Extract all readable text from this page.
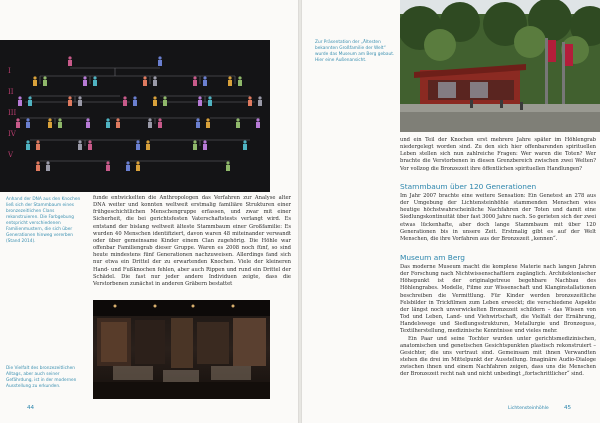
I
II
III
IV
V
Anhand der DNA aus den Knochen ließ sich der Stammbaum eines bronzezeitlichen Clans rekonstruieren. Die Farbgebung entspricht verschiedenen Familienmustern, die sich über Generationen hinweg vererben (Stand 2014).

funde entwickelten die Anthropologen das Verfahren zur Analyse alter DNA weiter und konnten weltweit erstmalig familiäre Strukturen einer frühgeschichtlichen Menschengruppe erfassen, und zwar mit einer Sicherheit, die bei gerichtsfesten Vaterschaftstests verlangt wird. Es entstand der bislang weltweit älteste Stammbaum einer Großfamilie: Es wurden 40 Menschen identifiziert, davon waren 48 miteinander verwandt oder über gemeinsame Kinder einem Clan zugehörig. Die Höhle war offenbar Familiengrab dieser Gruppe. Waren es 2008 noch fünf, so sind heute mindestens fünf Generationen nachzuweisen. Allerdings fand sich nur etwa ein Drittel der zu erwartenden Knochen. Viele der kleineren Hand- und Fußknochen fehlen, aber auch Rippen und rund ein Drittel der Schädel. Die fast nur jeder andere Individuen zeigte, dass die Verstorbenen zunächst in anderen Gräbern bestattet

Die Vielfalt des bronzezeitlichen Alltags, aber auch seiner Gefährdung, ist in der modernen Ausstellung zu erkunden.
44
Zur Präsentation der „Ältesten bekannten Großfamilie der Welt“ wurde das Museum am Berg gebaut. Hier eine Außenansicht.

und ein Teil der Knochen erst mehrere Jahre später im Höhlengrab niedergelegt worden sind. Zu den sich hier offenbarenden spirituellen Leben stellen sich nun zahlreiche Fragen: Wer waren die Toten? Wer brachte die Verstorbenen in diesen Grenzbereich zwischen zwei Welten? Vor vollzog die Bronzezeit ihre öffentlichen spirituellen Handlungen?

Stammbaum über 120 Generationen

Im Jahr 2007 brachte eine weitere Sensation: Ein Genetest an 278 aus der Umgebung der Lichtensteinhöhle stammenden Menschen wies heutige höchstwahrscheinliche Nachfahren der Toten und damit eine Siedlungskontinuität über fast 3000 Jahre nach. So gerieten sich der zwei etwas lückenhafte, aber doch lange Stammbaum mit über 120 Generationen bis in unsere Zeit. Erstmalig gibt es auf der Welt Menschen, die ihre Vorfahren aus der Bronzezeit „kennen“.

Museum am Berg

Das moderne Museum macht die komplexe Materie nach langen Jahren der Forschung nach Nichtwissenschaftlern zugänglich. Architektonischer Höhepunkt ist der originalgetreue begehbare Nachbau des Höhlengrabes. Modelle, Filme zur Wissenschaft und Klanginstallationen beschreiben die Vermittlung. Für Kinder werden bronzezeitliche Felsbilder in Trickfilmen zum Leben erweckt; die verschiedene Aspekte der längst noch unverwickelten Bronzezeit schildern – das Wissen von Tod und Leben, Land- und Viehwirtschaft, die Vielfalt der Ernährung, Handelswege und Siedlungsstrukturen, Metallurgie und Bronzeguss, Textilherstellung, medizinische Kenntnisse und vieles mehr.

Ein Paar und seine Tochter wurden unter gerichtsmedizinischen, anatomischen und genetischen Gesichtspunkten plastisch rekonstruiert – Gesichter, die uns vertraut sind. Gemeinsam mit ihnen Verwandten stehen die drei im Mittelpunkt der Ausstellung. Imaginäre Audio-Dialoge zwischen ihnen und einem Nachfahren zeigen, dass uns die Menschen der Bronzezeit recht nah und nicht unbedingt „fortschrittlicher“ sind.

Lichtensteinhöhle	45
